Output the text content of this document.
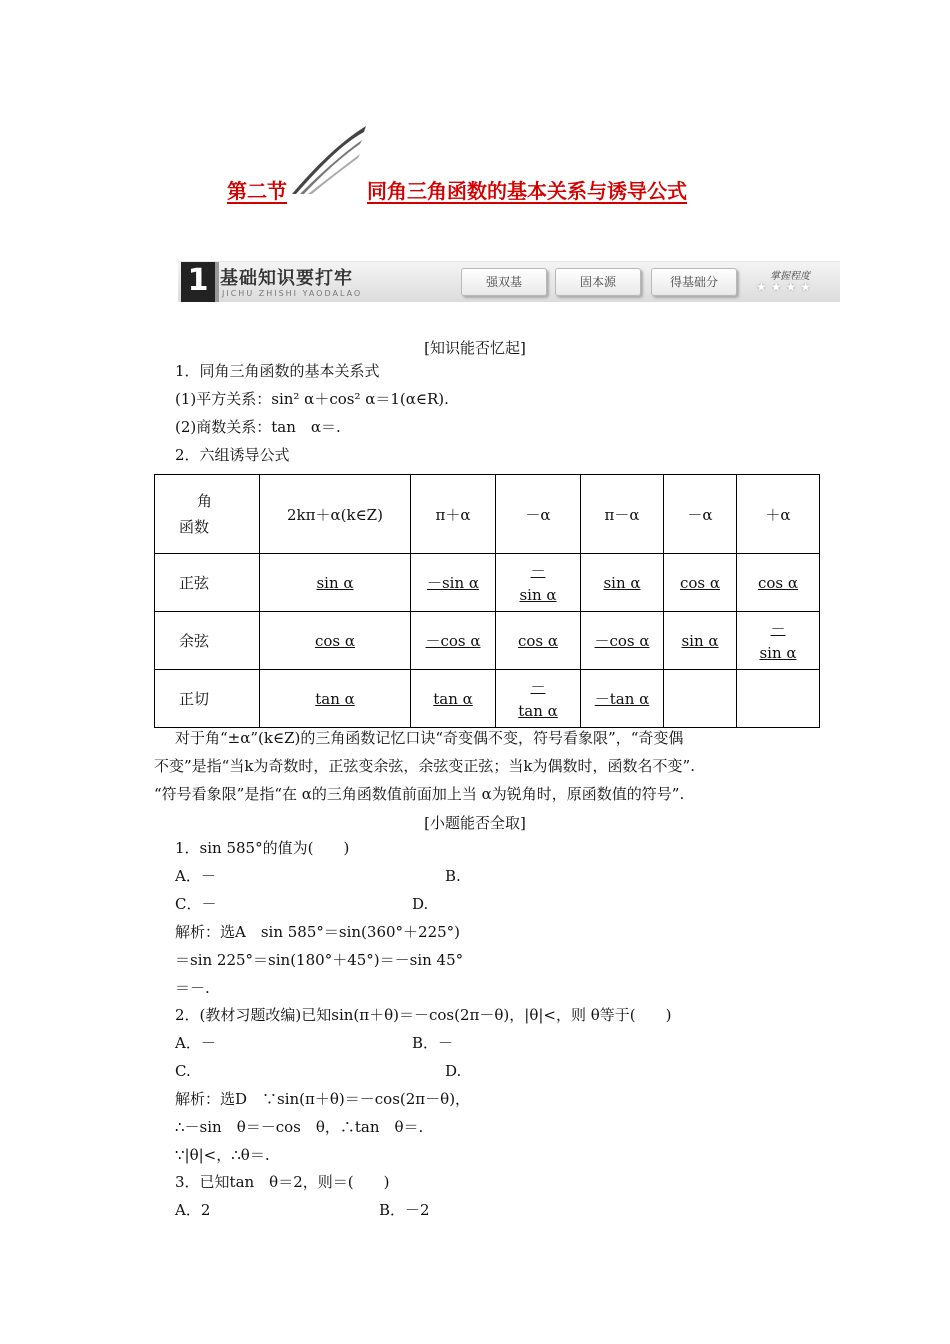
第二节	同角三角函数的基本关系与诱导公式
1 基础知识要打牢
JICHU ZHISHI YAODALAO
强双基	固本源	得基础分	掌握程度
★★★★
[知识能否忆起]
1．同角三角函数的基本关系式
(1)平方关系：sin² α＋cos² α＝1(α∈R).
(2)商数关系：tan　α＝.
2．六组诱导公式
角
函数	2kπ＋α(k∈Z)	π＋α	－α	π－α	－α	＋α
正弦	sin α	－sin α	－
sin α	sin α	cos α	cos α
余弦	cos α	－cos α	cos α	－cos α	sin α	－
sin α
正切	tan α	tan α	－
tan α	－tan α		
对于角“±α”(k∈Z)的三角函数记忆口诀“奇变偶不变，符号看象限”，“奇变偶
不变”是指“当k为奇数时，正弦变余弦，余弦变正弦；当k为偶数时，函数名不变”.
“符号看象限”是指“在 α的三角函数值前面加上当 α为锐角时，原函数值的符号”.
[小题能否全取]
1．sin 585°的值为(　　)
A．－	B.
C．－	D.
解析：选A　sin 585°＝sin(360°＋225°)
＝sin 225°＝sin(180°＋45°)＝－sin 45°
＝－.
2．(教材习题改编)已知sin(π＋θ)＝－cos(2π－θ)，|θ|<，则 θ等于(　　)
A．－	B．－
C.	D.
解析：选D　∵sin(π＋θ)＝－cos(2π－θ)，
∴－sin　θ＝－cos　θ，∴tan　θ＝.
∵|θ|<，∴θ＝.
3．已知tan　θ＝2，则＝(　　)
A．2	B．－2
